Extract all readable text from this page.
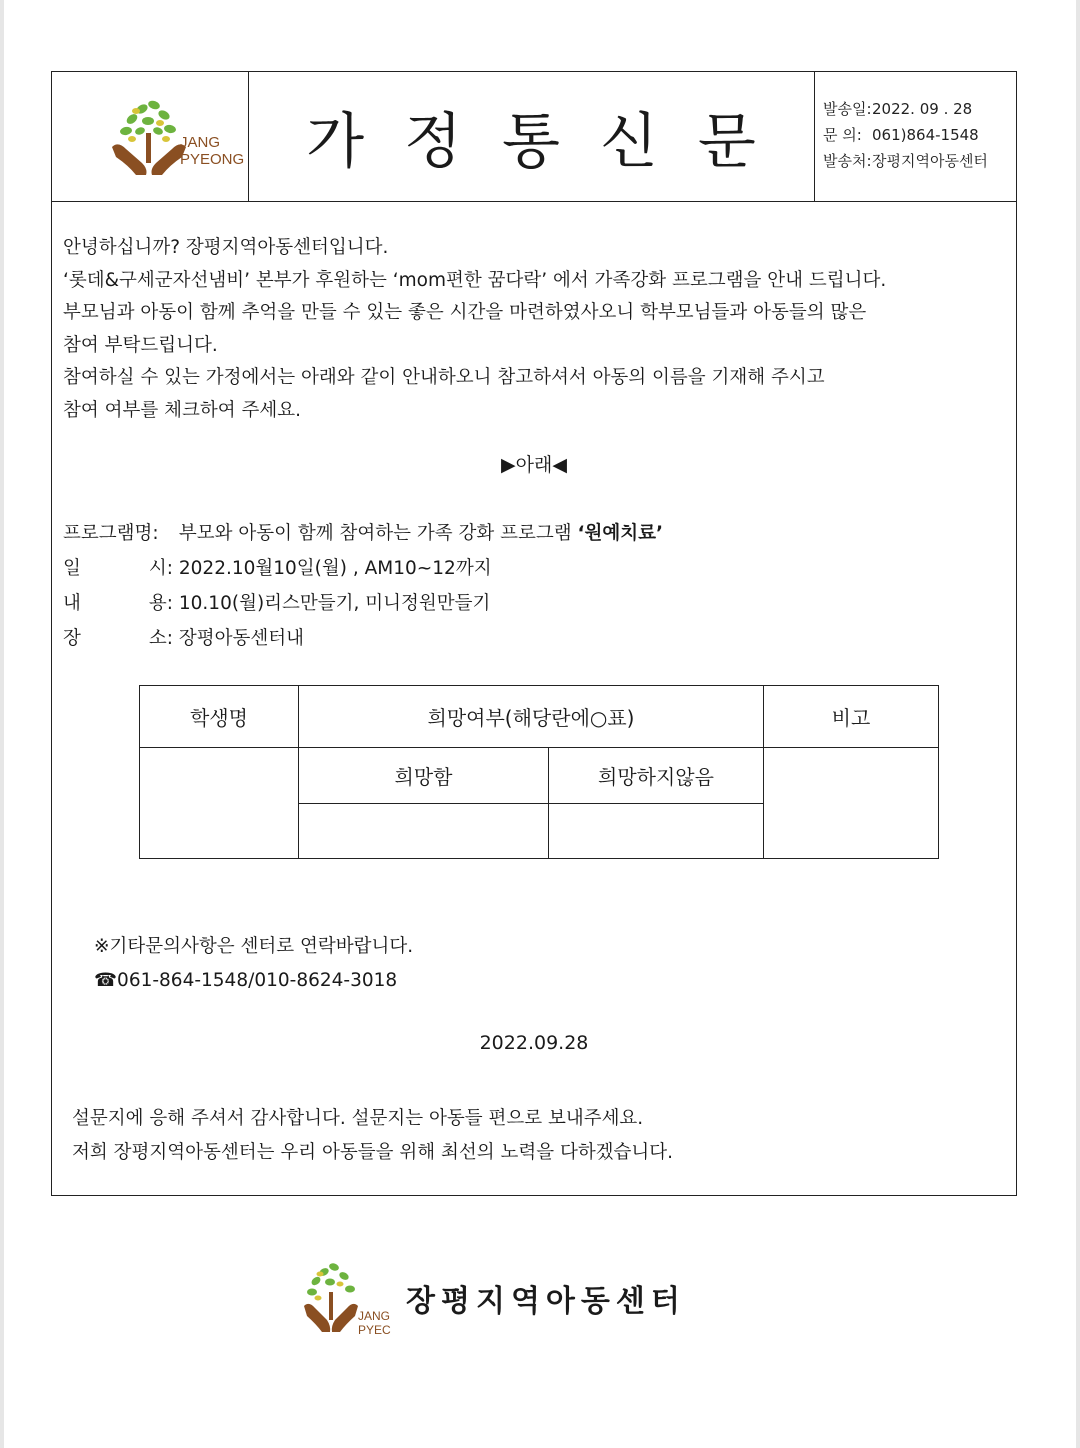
JANG
PYEONG	가정통신문 발송일:2022. 09 . 28
문 의: 061)864-1548
발송처:장평지역아동센터
안녕하십니까? 장평지역아동센터입니다.
‘롯데&구세군자선냄비’ 본부가 후원하는 ‘mom편한 꿈다락’ 에서 가족강화 프로그램을 안내 드립니다.
부모님과 아동이 함께 추억을 만들 수 있는 좋은 시간을 마련하였사오니 학부모님들과 아동들의 많은
참여 부탁드립니다.
참여하실 수 있는 가정에서는 아래와 같이 안내하오니 참고하셔서 아동의 이름을 기재해 주시고
참여 여부를 체크하여 주세요.
▶아래◀
프로그램명: 부모와 아동이 함께 참여하는 가족 강화 프로그램 ‘원예치료’
일 시: 2022.10월10일(월) , AM10~12까지
내 용: 10.10(월)리스만들기, 미니정원만들기
장 소: 장평아동센터내
학생명	희망여부(해당란에○표)		비고
	희망함	희망하지않음	

※기타문의사항은 센터로 연락바랍니다.
☎061-864-1548/010-8624-3018
2022.09.28
설문지에 응해 주셔서 감사합니다. 설문지는 아동들 편으로 보내주세요.
저희 장평지역아동센터는 우리 아동들을 위해 최선의 노력을 다하겠습니다.
JANG
PYEC
장평지역아동센터
